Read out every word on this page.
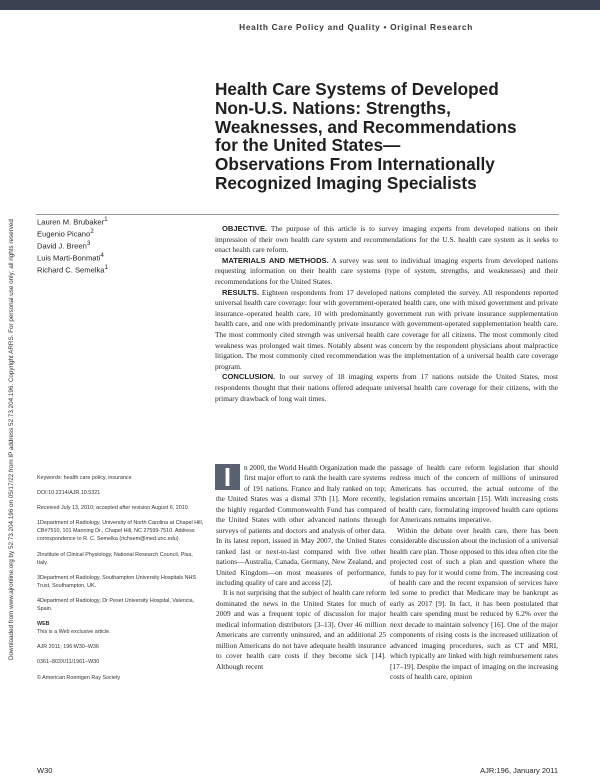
Health Care Policy and Quality • Original Research
Downloaded from www.ajronline.org by 52.73.204.196 on 05/17/22 from IP address 52.73.204.196. Copyright ARRS. For personal use only; all rights reserved
Health Care Systems of Developed
Non-U.S. Nations: Strengths,
Weaknesses, and Recommendations
for the United States—
Observations From Internationally
Recognized Imaging Specialists
Lauren M. Brubaker$^1$
Eugenio Picano$^2$
David J. Breen$^3$
Luis Marti-Bonmati$^4$
Richard C. Semelka$^1$

OBJECTIVE. The purpose of this article is to survey imaging experts from developed nations on their impression of their own health care system and recommendations for the U.S. health care system as it seeks to enact health care reform.

MATERIALS AND METHODS. A survey was sent to individual imaging experts from developed nations requesting information on their health care systems (type of system, strengths, and weaknesses) and their recommendations for the United States.

RESULTS. Eighteen respondents from 17 developed nations completed the survey. All respondents reported universal health care coverage: four with government-operated health care, one with mixed government and private insurance–operated health care, 10 with predominantly government run with private insurance supplementation health care, and one with predominantly private insurance with government-operated supplementation health care. The most commonly cited strength was universal health care coverage for all citizens. The most commonly cited weakness was prolonged wait times. Notably absent was concern by the respondent physicians about malpractice litigation. The most commonly cited recommendation was the implementation of a universal health care coverage program.

CONCLUSION. In our survey of 18 imaging experts from 17 nations outside the United States, most respondents thought that their nations offered adequate universal health care coverage for their citizens, with the primary drawback of long wait times.

Keywords: health care policy, insurance

DOI:10.2214/AJR.10.5321

Received July 13, 2010; accepted after revision August 6, 2010.

1Department of Radiology, University of North Carolina at Chapel Hill, CB#7510, 101 Manning Dr., Chapel Hill, NC 27599-7510. Address correspondence to R. C. Semelka (richsem@med.unc.edu).

2Institute of Clinical Physiology, National Research Council, Pisa, Italy.

3Department of Radiology, Southampton University Hospitals NHS Trust, Southampton, UK.

4Department of Radiology, Dr Peset University Hospital, Valencia, Spain.

WEB

This is a Web exclusive article.

AJR 2011; 196:W30–W36

0361–803X/11/1961–W30

© American Roentgen Ray Society

I	n 2000, the World Health Organization made the first major effort to rank the health care systems of 191 nations. France and Italy ranked on top; the United States was a dismal 37th [1]. More recently, the highly regarded Commonwealth Fund has compared the United States with other advanced nations through surveys of patients and doctors and analysis of other data. In its latest report, issued in May 2007, the United States ranked last or next-to-last compared with five other nations—Australia, Canada, Germany, New Zealand, and United Kingdom—on most measures of performance, including quality of care and access [2].

It is not surprising that the subject of health care reform dominated the news in the United States for much of 2009 and was a frequent topic of discussion for major medical information distributors [3–13]. Over 46 million Americans are currently uninsured, and an additional 25 million Americans do not have adequate health insurance to cover health care costs if they become sick [14]. Although recent

passage of health care reform legislation that should redress much of the concern of millions of uninsured Americans has occurred, the actual outcome of the legislation remains uncertain [15]. With increasing costs of health care, formulating improved health care options for Americans remains imperative.

Within the debate over health care, there has been considerable discussion about the inclusion of a universal health care plan. Those opposed to this idea often cite the projected cost of such a plan and question where the funds to pay for it would come from. The increasing cost of health care and the recent expansion of services have led some to predict that Medicare may be bankrupt as early as 2017 [9]. In fact, it has been postulated that health care spending must be reduced by 6.2% over the next decade to maintain solvency [16]. One of the major components of rising costs is the increased utilization of advanced imaging procedures, such as CT and MRI, which typically are linked with high reimbursement rates [17–19]. Despite the impact of imaging on the increasing costs of health care, opinion

W30	AJR:196, January 2011
